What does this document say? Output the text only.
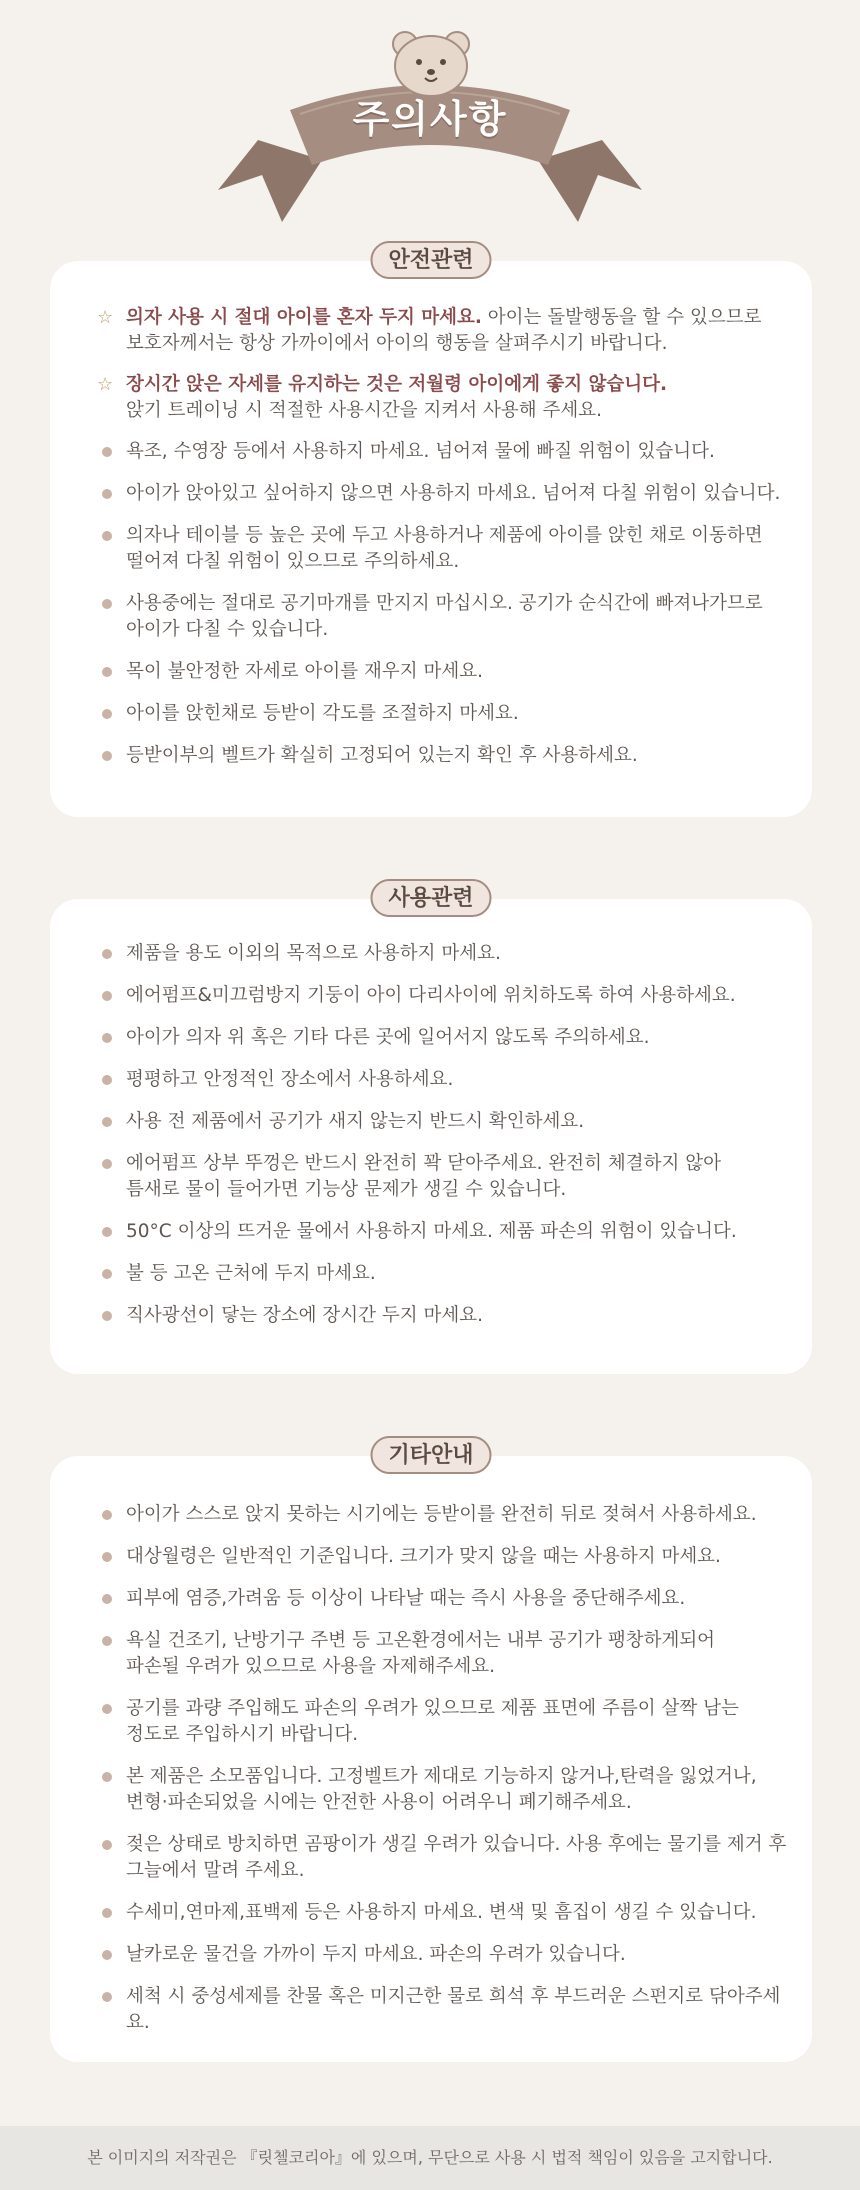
주의사항
안전관련
☆ 의자 사용 시 절대 아이를 혼자 두지 마세요. 아이는 돌발행동을 할 수 있으므로
보호자께서는 항상 가까이에서 아이의 행동을 살펴주시기 바랍니다.
☆ 장시간 앉은 자세를 유지하는 것은 저월령 아이에게 좋지 않습니다.
앉기 트레이닝 시 적절한 사용시간을 지켜서 사용해 주세요.
욕조, 수영장 등에서 사용하지 마세요. 넘어져 물에 빠질 위험이 있습니다.
아이가 앉아있고 싶어하지 않으면 사용하지 마세요. 넘어져 다칠 위험이 있습니다.
의자나 테이블 등 높은 곳에 두고 사용하거나 제품에 아이를 앉힌 채로 이동하면
떨어져 다칠 위험이 있으므로 주의하세요.
사용중에는 절대로 공기마개를 만지지 마십시오. 공기가 순식간에 빠져나가므로
아이가 다칠 수 있습니다.
목이 불안정한 자세로 아이를 재우지 마세요.
아이를 앉힌채로 등받이 각도를 조절하지 마세요.
등받이부의 벨트가 확실히 고정되어 있는지 확인 후 사용하세요.
사용관련
제품을 용도 이외의 목적으로 사용하지 마세요.
에어펌프&미끄럼방지 기둥이 아이 다리사이에 위치하도록 하여 사용하세요.
아이가 의자 위 혹은 기타 다른 곳에 일어서지 않도록 주의하세요.
평평하고 안정적인 장소에서 사용하세요.
사용 전 제품에서 공기가 새지 않는지 반드시 확인하세요.
에어펌프 상부 뚜껑은 반드시 완전히 꽉 닫아주세요. 완전히 체결하지 않아
틈새로 물이 들어가면 기능상 문제가 생길 수 있습니다.
50°C 이상의 뜨거운 물에서 사용하지 마세요. 제품 파손의 위험이 있습니다.
불 등 고온 근처에 두지 마세요.
직사광선이 닿는 장소에 장시간 두지 마세요.
기타안내
아이가 스스로 앉지 못하는 시기에는 등받이를 완전히 뒤로 젖혀서 사용하세요.
대상월령은 일반적인 기준입니다. 크기가 맞지 않을 때는 사용하지 마세요.
피부에 염증,가려움 등 이상이 나타날 때는 즉시 사용을 중단해주세요.
욕실 건조기, 난방기구 주변 등 고온환경에서는 내부 공기가 팽창하게되어
파손될 우려가 있으므로 사용을 자제해주세요.
공기를 과량 주입해도 파손의 우려가 있으므로 제품 표면에 주름이 살짝 남는
정도로 주입하시기 바랍니다.
본 제품은 소모품입니다. 고정벨트가 제대로 기능하지 않거나,탄력을 잃었거나,
변형·파손되었을 시에는 안전한 사용이 어려우니 폐기해주세요.
젖은 상태로 방치하면 곰팡이가 생길 우려가 있습니다. 사용 후에는 물기를 제거 후
그늘에서 말려 주세요.
수세미,연마제,표백제 등은 사용하지 마세요. 변색 및 흠집이 생길 수 있습니다.
날카로운 물건을 가까이 두지 마세요. 파손의 우려가 있습니다.
세척 시 중성세제를 찬물 혹은 미지근한 물로 희석 후 부드러운 스펀지로 닦아주세요.
본 이미지의 저작권은 『릿첼코리아』에 있으며, 무단으로 사용 시 법적 책임이 있음을 고지합니다.
